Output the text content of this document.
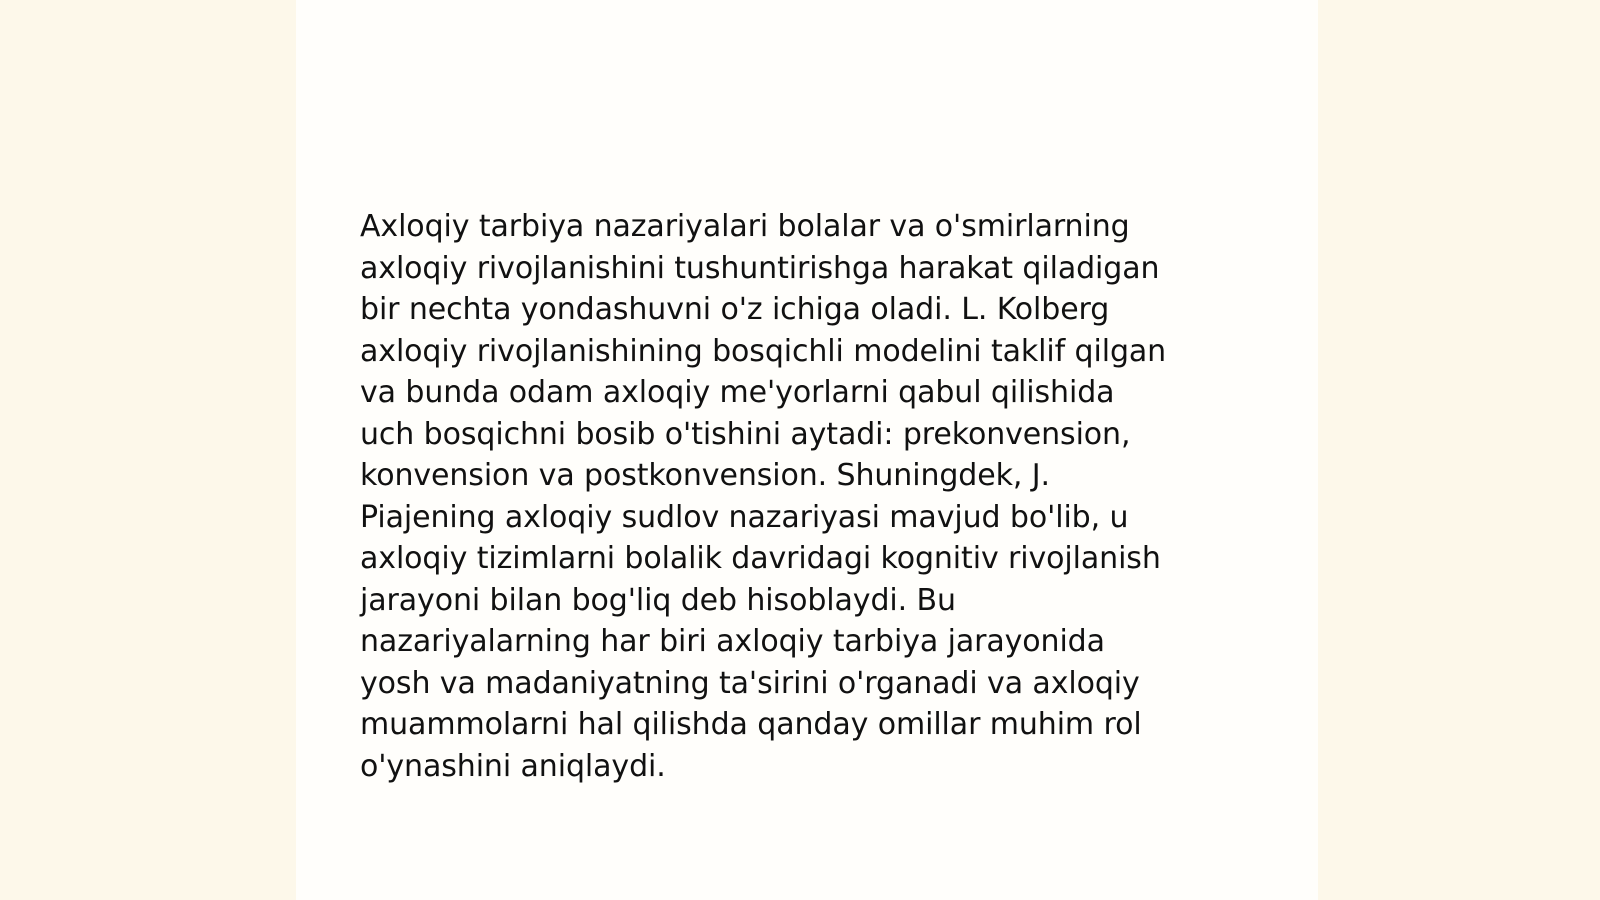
Axloqiy tarbiya nazariyalari bolalar va o'smirlarning
axloqiy rivojlanishini tushuntirishga harakat qiladigan
bir nechta yondashuvni o'z ichiga oladi. L. Kolberg
axloqiy rivojlanishining bosqichli modelini taklif qilgan
va bunda odam axloqiy me'yorlarni qabul qilishida
uch bosqichni bosib o'tishini aytadi: prekonvension,
konvension va postkonvension. Shuningdek, J.
Piajening axloqiy sudlov nazariyasi mavjud bo'lib, u
axloqiy tizimlarni bolalik davridagi kognitiv rivojlanish
jarayoni bilan bog'liq deb hisoblaydi. Bu
nazariyalarning har biri axloqiy tarbiya jarayonida
yosh va madaniyatning ta'sirini o'rganadi va axloqiy
muammolarni hal qilishda qanday omillar muhim rol
o'ynashini aniqlaydi.
